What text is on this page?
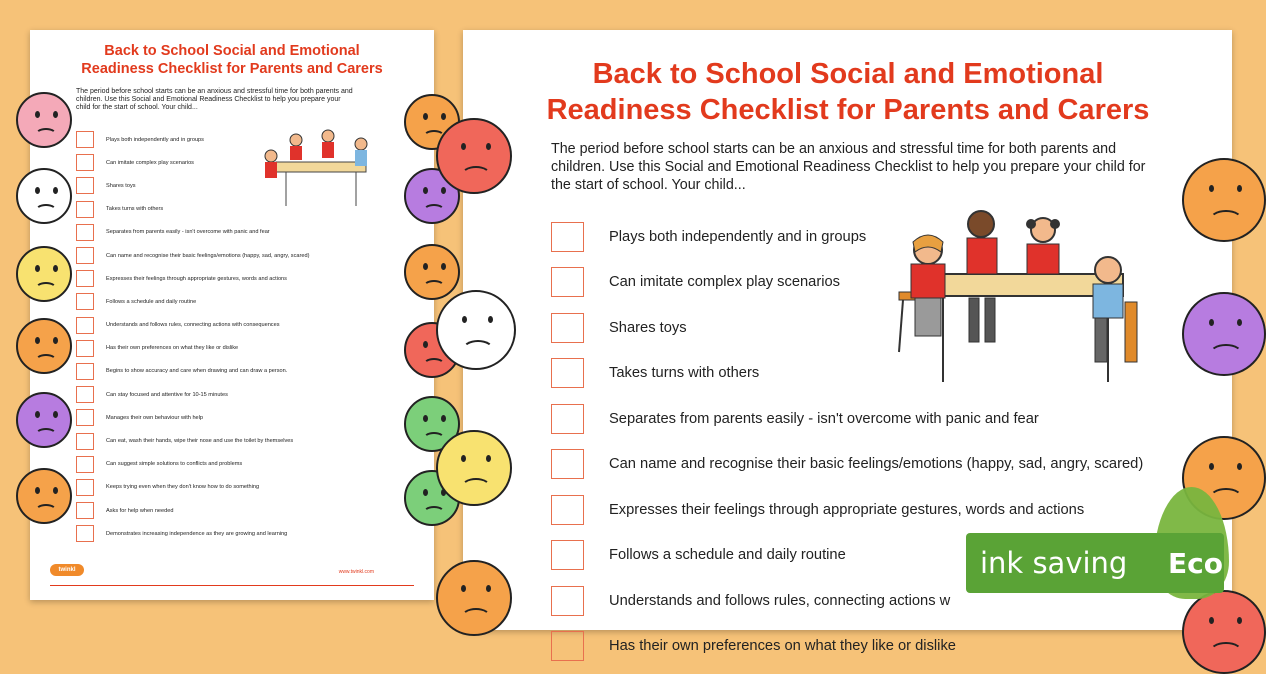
Back to School Social and Emotional
Readiness Checklist for Parents and Carers

The period before school starts can be an anxious and stressful time for both parents and children. Use this Social and Emotional Readiness Checklist to help you prepare your child for the start of school. Your child...

Plays both independently and in groups
Can imitate complex play scenarios
Shares toys
Takes turns with others
Separates from parents easily - isn't overcome with panic and fear
Can name and recognise their basic feelings/emotions (happy, sad, angry, scared)
Expresses their feelings through appropriate gestures, words and actions
Follows a schedule and daily routine
Understands and follows rules, connecting actions with consequences
Has their own preferences on what they like or dislike
Begins to show accuracy and care when drawing and can draw a person.
Can stay focused and attentive for 10-15 minutes
Manages their own behaviour with help
Can eat, wash their hands, wipe their nose and use the toilet by themselves
Can suggest simple solutions to conflicts and problems
Keeps trying even when they don't know how to do something
Asks for help when needed
Demonstrates increasing independence as they are growing and learning
twinkl	www.twinkl.com
Back to School Social and Emotional
Readiness Checklist for Parents and Carers

The period before school starts can be an anxious and stressful time for both parents and children. Use this Social and Emotional Readiness Checklist to help you prepare your child for the start of school. Your child...

Plays both independently and in groups
Can imitate complex play scenarios
Shares toys
Takes turns with others
Separates from parents easily - isn't overcome with panic and fear
Can name and recognise their basic feelings/emotions (happy, sad, angry, scared)
Expresses their feelings through appropriate gestures, words and actions
Follows a schedule and daily routine
Understands and follows rules, connecting actions w
Has their own preferences on what they like or dislike
ink saving Eco
